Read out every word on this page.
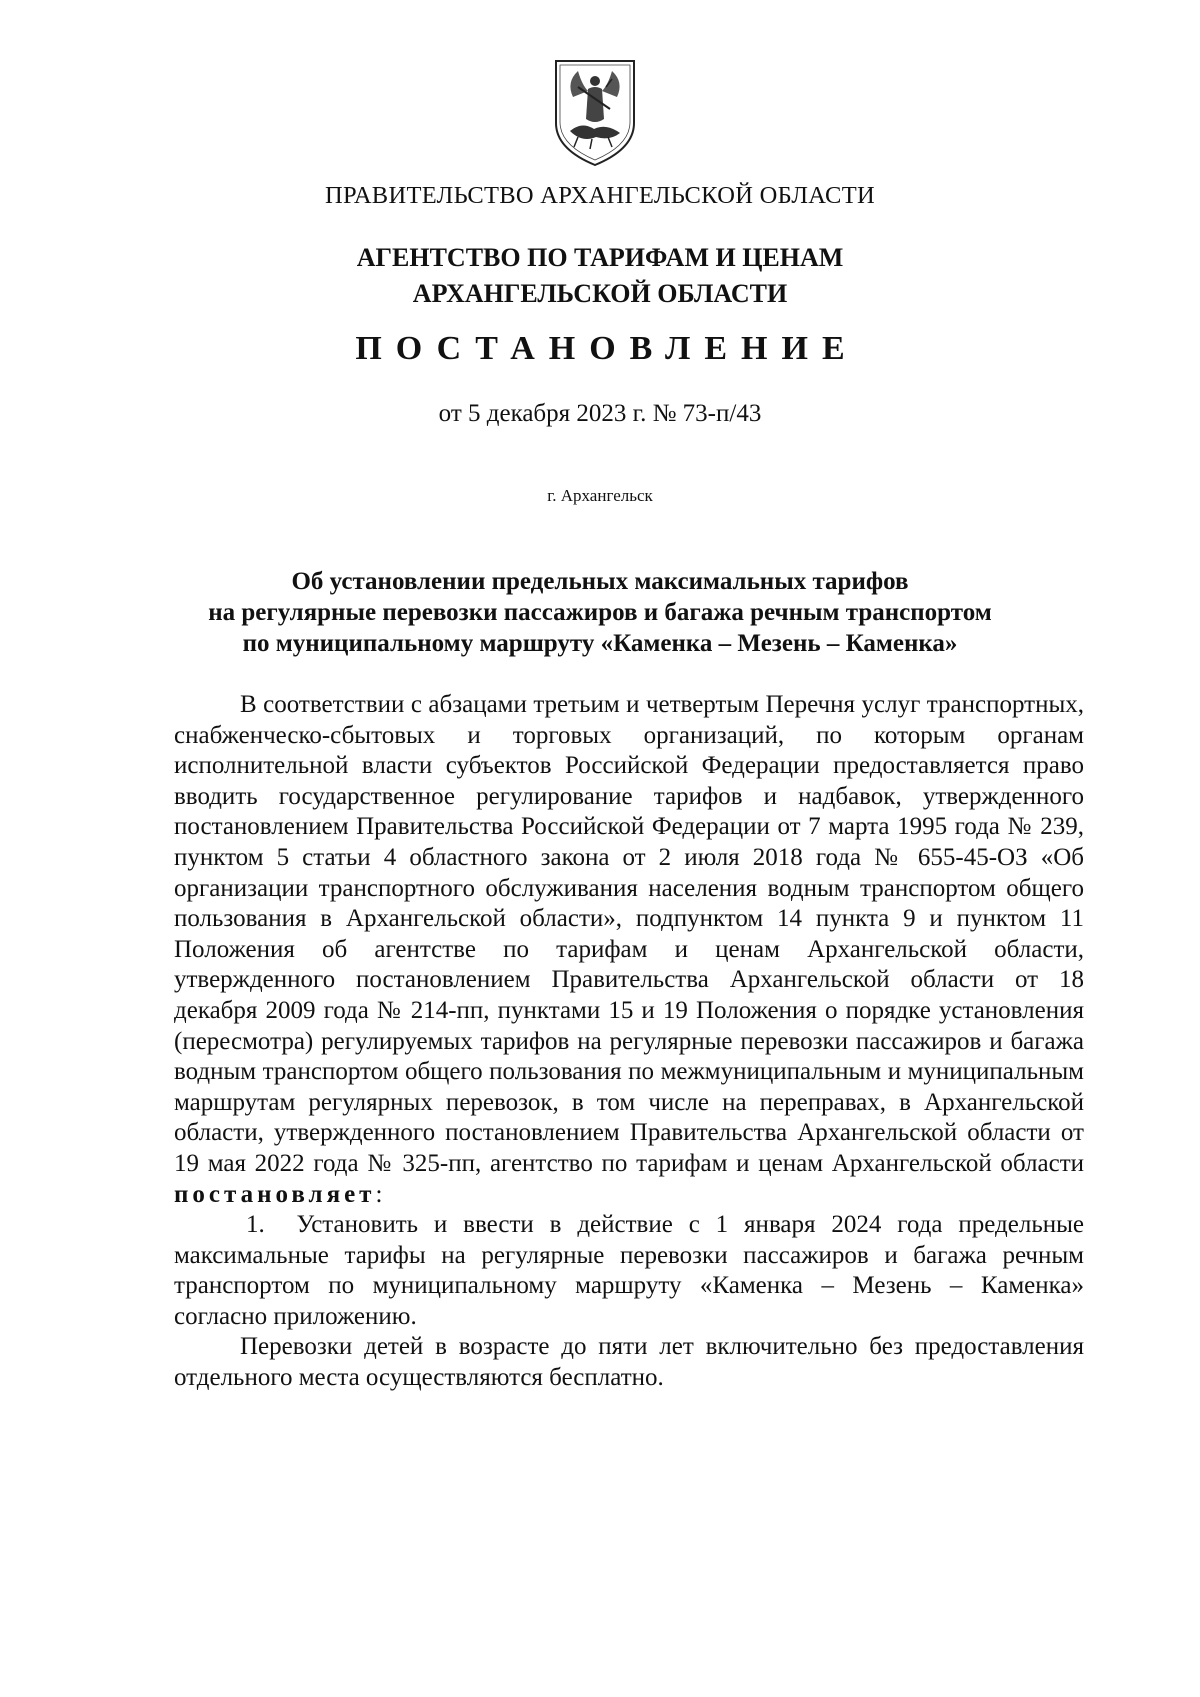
ПРАВИТЕЛЬСТВО АРХАНГЕЛЬСКОЙ ОБЛАСТИ
АГЕНТСТВО ПО ТАРИФАМ И ЦЕНАМ
АРХАНГЕЛЬСКОЙ ОБЛАСТИ
ПОСТАНОВЛЕНИЕ
от 5 декабря 2023 г. № 73-п/43
г. Архангельск
Об установлении предельных максимальных тарифов
на регулярные перевозки пассажиров и багажа речным транспортом
по муниципальному маршруту «Каменка – Мезень – Каменка»

В соответствии с абзацами третьим и четвертым Перечня услуг транспортных, снабженческо-сбытовых и торговых организаций, по которым органам исполнительной власти субъектов Российской Федерации предоставляется право вводить государственное регулирование тарифов и надбавок, утвержденного постановлением Правительства Российской Федерации от 7 марта 1995 года № 239, пунктом 5 статьи 4 областного закона от 2 июля 2018 года № 655-45-ОЗ «Об организации транспортного обслуживания населения водным транспортом общего пользования в Архангельской области», подпунктом 14 пункта 9 и пунктом 11 Положения об агентстве по тарифам и ценам Архангельской области, утвержденного постановлением Правительства Архангельской области от 18 декабря 2009 года № 214-пп, пунктами 15 и 19 Положения о порядке установления (пересмотра) регулируемых тарифов на регулярные перевозки пассажиров и багажа водным транспортом общего пользования по межмуниципальным и муниципальным маршрутам регулярных перевозок, в том числе на переправах, в Архангельской области, утвержденного постановлением Правительства Архангельской области от 19 мая 2022 года № 325-пп, агентство по тарифам и ценам Архангельской области постановляет:

1. Установить и ввести в действие с 1 января 2024 года предельные максимальные тарифы на регулярные перевозки пассажиров и багажа речным транспортом по муниципальному маршруту «Каменка – Мезень – Каменка» согласно приложению.

Перевозки детей в возрасте до пяти лет включительно без предоставления отдельного места осуществляются бесплатно.
